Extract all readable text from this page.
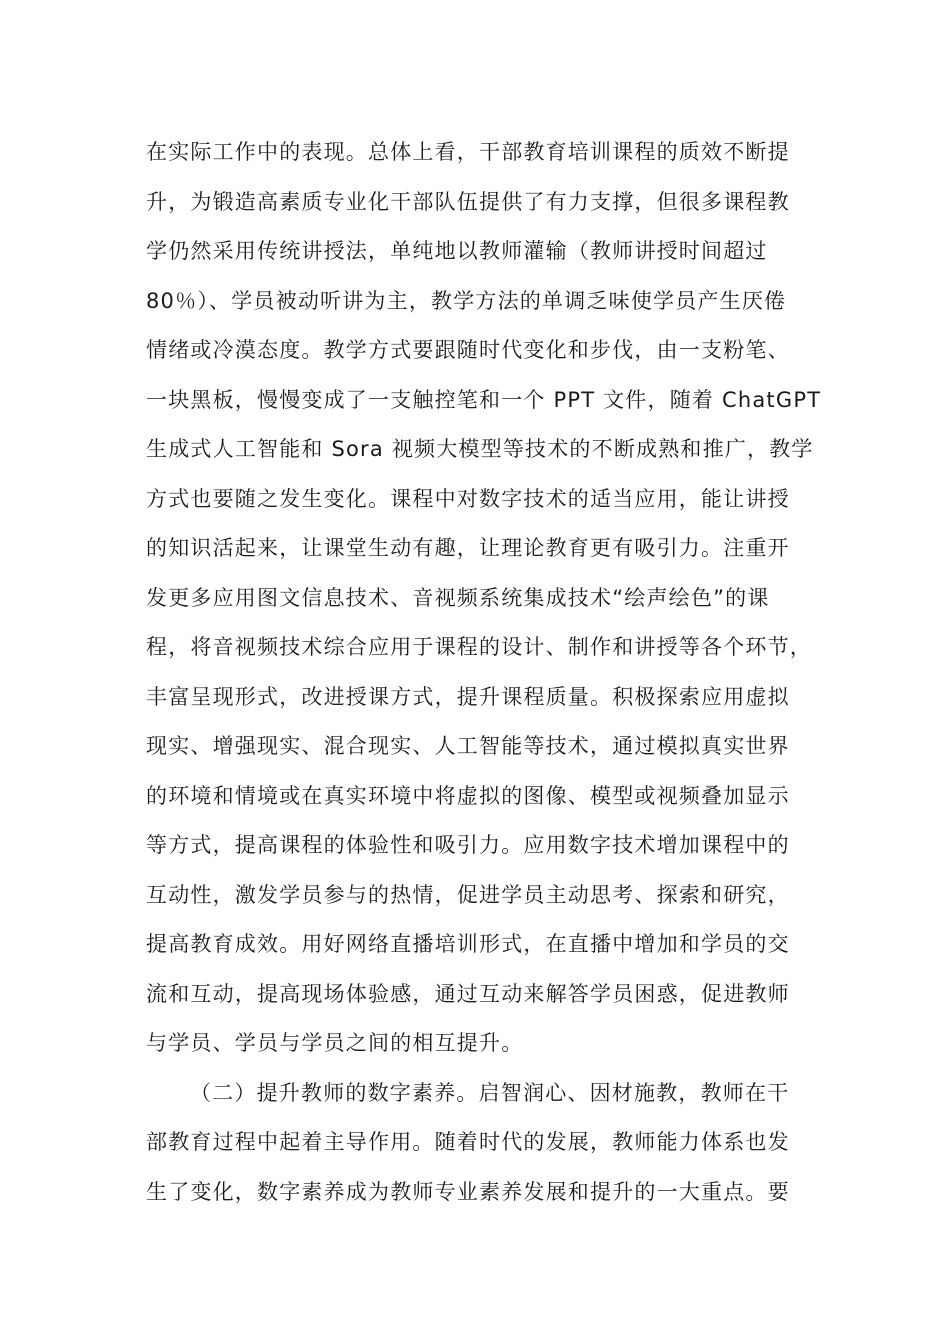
在实际工作中的表现。总体上看，干部教育培训课程的质效不断提
升，为锻造高素质专业化干部队伍提供了有力支撑，但很多课程教
学仍然采用传统讲授法，单纯地以教师灌输（教师讲授时间超过
80％）、学员被动听讲为主，教学方法的单调乏味使学员产生厌倦
情绪或冷漠态度。教学方式要跟随时代变化和步伐，由一支粉笔、
一块黑板，慢慢变成了一支触控笔和一个 PPT 文件，随着 ChatGPT
生成式人工智能和 Sora 视频大模型等技术的不断成熟和推广，教学
方式也要随之发生变化。课程中对数字技术的适当应用，能让讲授
的知识活起来，让课堂生动有趣，让理论教育更有吸引力。注重开
发更多应用图文信息技术、音视频系统集成技术“绘声绘色”的课
程，将音视频技术综合应用于课程的设计、制作和讲授等各个环节，
丰富呈现形式，改进授课方式，提升课程质量。积极探索应用虚拟
现实、增强现实、混合现实、人工智能等技术，通过模拟真实世界
的环境和情境或在真实环境中将虚拟的图像、模型或视频叠加显示
等方式，提高课程的体验性和吸引力。应用数字技术增加课程中的
互动性，激发学员参与的热情，促进学员主动思考、探索和研究，
提高教育成效。用好网络直播培训形式，在直播中增加和学员的交
流和互动，提高现场体验感，通过互动来解答学员困惑，促进教师
与学员、学员与学员之间的相互提升。
（二）提升教师的数字素养。启智润心、因材施教，教师在干
部教育过程中起着主导作用。随着时代的发展，教师能力体系也发
生了变化，数字素养成为教师专业素养发展和提升的一大重点。要
